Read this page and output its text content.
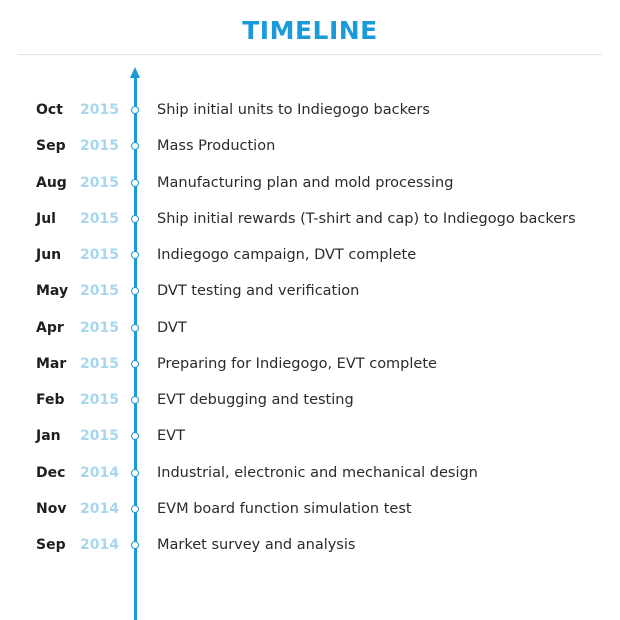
TIMELINE
Oct 2015	Ship initial units to Indiegogo backers
Sep 2015	Mass Production
Aug 2015	Manufacturing plan and mold processing
Jul 2015	Ship initial rewards (T-shirt and cap) to Indiegogo backers
Jun 2015	Indiegogo campaign, DVT complete
May 2015	DVT testing and verification
Apr 2015	DVT
Mar 2015	Preparing for Indiegogo, EVT complete
Feb 2015	EVT debugging and testing
Jan 2015	EVT
Dec 2014	Industrial, electronic and mechanical design
Nov 2014	EVM board function simulation test
Sep 2014	Market survey and analysis
